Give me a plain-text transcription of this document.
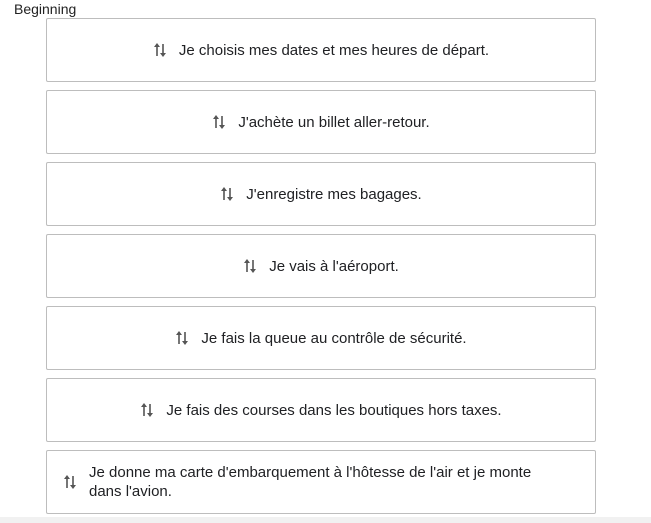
Beginning
Je choisis mes dates et mes heures de départ.
J'achète un billet aller-retour.
J'enregistre mes bagages.
Je vais à l'aéroport.
Je fais la queue au contrôle de sécurité.
Je fais des courses dans les boutiques hors taxes.
Je donne ma carte d'embarquement à l'hôtesse de l'air et je monte dans l'avion.
